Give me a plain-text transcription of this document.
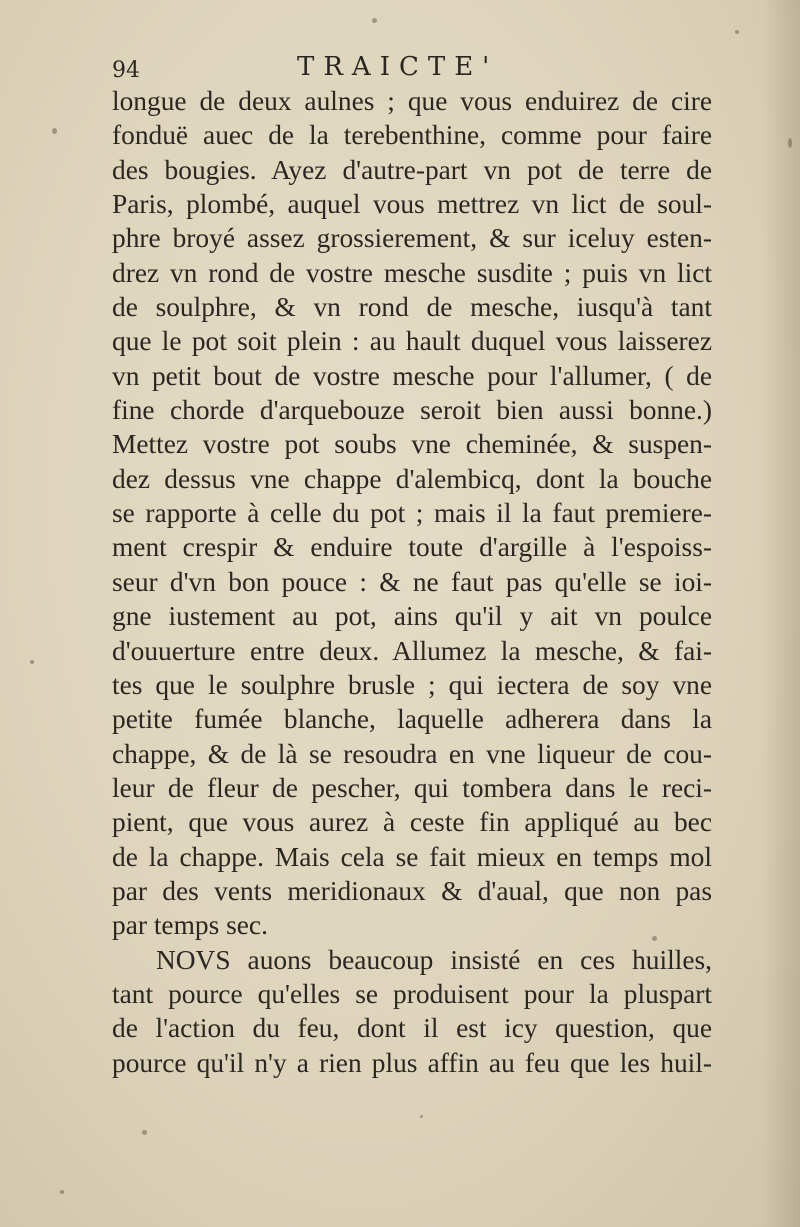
94	TRAICTE'
longue de deux aulnes ; que vous enduirez de cire
fonduë auec de la terebenthine, comme pour faire
des bougies. Ayez d'autre-part vn pot de terre de
Paris, plombé, auquel vous mettrez vn lict de soul-
phre broyé assez grossierement, & sur iceluy esten-
drez vn rond de vostre mesche susdite ; puis vn lict
de soulphre, & vn rond de mesche, iusqu'à tant
que le pot soit plein : au hault duquel vous laisserez
vn petit bout de vostre mesche pour l'allumer, ( de
fine chorde d'arquebouze seroit bien aussi bonne.)
Mettez vostre pot soubs vne cheminée, & suspen-
dez dessus vne chappe d'alembicq, dont la bouche
se rapporte à celle du pot ; mais il la faut premiere-
ment crespir & enduire toute d'argille à l'espoiss-
seur d'vn bon pouce : & ne faut pas qu'elle se ioi-
gne iustement au pot, ains qu'il y ait vn poulce
d'ouuerture entre deux. Allumez la mesche, & fai-
tes que le soulphre brusle ; qui iectera de soy vne
petite fumée blanche, laquelle adherera dans la
chappe, & de là se resoudra en vne liqueur de cou-
leur de fleur de pescher, qui tombera dans le reci-
pient, que vous aurez à ceste fin appliqué au bec
de la chappe. Mais cela se fait mieux en temps mol
par des vents meridionaux & d'aual, que non pas
par temps sec.
NOVS auons beaucoup insisté en ces huilles,
tant pource qu'elles se produisent pour la pluspart
de l'action du feu, dont il est icy question, que
pource qu'il n'y a rien plus affin au feu que les huil-
